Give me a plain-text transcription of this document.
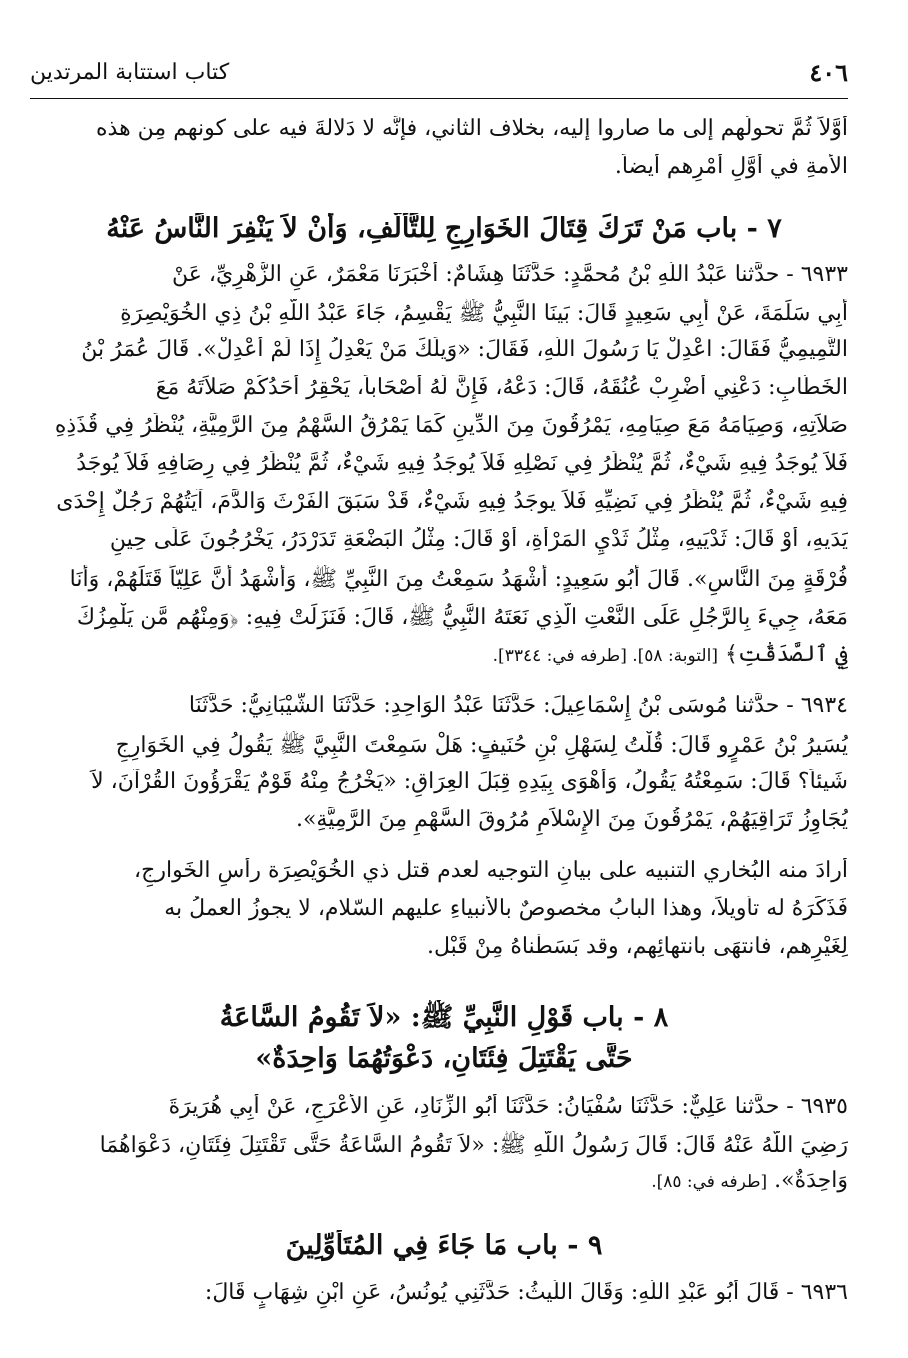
٤٠٦
كتاب استتابة المرتدين
أوَّلاً ثُمَّ تحولُهم إلى ما صاروا إليه، بخلاف الثاني، فإنَّه لا دَلالةَ فيه على كونهم مِن هذه
الأمةِ في أوَّلِ أمْرِهم أيضاً.
٧ - باب مَنْ تَرَكَ قِتَالَ الخَوَارِجِ لِلتَّأَلُّفِ، وَأَنْ لاَ يَنْفِرَ النَّاسُ عَنْهُ
٦٩٣٣ - حدَّثنا عَبْدُ اللَّهِ بْنُ مُحمَّدٍ: حَدَّثَنَا هِشَامٌ: أَخْبَرَنَا مَعْمَرٌ، عَنِ الزُّهْرِيِّ، عَنْ
أَبِي سَلَمَةَ، عَنْ أَبِي سَعِيدٍ قَالَ: بَينَا النَّبِيُّ ﷺ يَقْسِمُ، جَاءَ عَبْدُ اللَّهِ بْنُ ذِي الخُوَيْصِرَةِ
التَّمِيمِيُّ فَقَالَ: اعْدِلْ يَا رَسُولَ اللَّهِ، فَقَالَ: «وَيلَكَ مَنْ يَعْدِلُ إِذَا لَمْ أَعْدِلْ». قَالَ عُمَرُ بْنُ
الخَطَّابِ: دَعْنِي أَضْرِبْ عُنُقَهُ، قَالَ: دَعْهُ، فَإِنَّ لَهُ أَصْحَاباً، يَحْقِرُ أَحَدُكُمْ صَلاَتَهُ مَعَ
صَلاَتِهِ، وَصِيَامَهُ مَعَ صِيَامِهِ، يَمْرُقُونَ مِنَ الدِّينِ كَمَا يَمْرُقُ السَّهْمُ مِنَ الرَّمِيَّةِ، يُنْظَرُ فِي قُذَذِهِ
فَلاَ يُوجَدُ فِيهِ شَيْءٌ، ثُمَّ يُنْظَرُ فِي نَصْلِهِ فَلاَ يُوجَدُ فِيهِ شَيْءٌ، ثُمَّ يُنْظَرُ فِي رِصَافِهِ فَلاَ يُوجَدُ
فِيهِ شَيْءٌ، ثُمَّ يُنْظَرُ فِي نَضِيِّهِ فَلاَ يوجَدُ فِيهِ شَيْءٌ، قَدْ سَبَقَ الفَرْثَ وَالدَّمَ، آيَتُهُمْ رَجُلٌ إِحْدَى
يَدَيهِ، أَوْ قَالَ: ثَدْيَيهِ، مِثْلُ ثَدْيِ المَرْأَةِ، أَوْ قَالَ: مِثْلُ البَضْعَةِ تَدَرْدَرُ، يَخْرُجُونَ عَلَى حِينِ
فُرْقَةٍ مِنَ النَّاسِ». قَالَ أَبُو سَعِيدٍ: أَشْهَدُ سَمِعْتُ مِنَ النَّبِيِّ ﷺ، وَأَشْهَدُ أَنَّ عَلِيّاً قَتَلَهُمْ، وَأَنَا
مَعَهُ، جِيءَ بِالرَّجُلِ عَلَى النَّعْتِ الَّذِي نَعَتَهُ النَّبِيُّ ﷺ، قَالَ: فَنَزَلَتْ فِيهِ: ﴿وَمِنْهُم مَّن يَلْمِزُكَ
فِي ٱلصَّدَقَٰتِ﴾ [التوبة: ٥٨]. [طرفه في: ٣٣٤٤].
٦٩٣٤ - حدَّثنا مُوسَى بْنُ إِسْمَاعِيلَ: حَدَّثَنَا عَبْدُ الوَاحِدِ: حَدَّثَنَا الشَّيْبَانِيُّ: حَدَّثَنَا
يُسَيرُ بْنُ عَمْرٍو قَالَ: قُلْتُ لِسَهْلِ بْنِ حُنَيفٍ: هَلْ سَمِعْتَ النَّبِيَّ ﷺ يَقُولُ فِي الخَوَارِجِ
شَيئاً؟ قَالَ: سَمِعْتُهُ يَقُولُ، وَأَهْوَى بِيَدِهِ قِبَلَ العِرَاقِ: «يَخْرُجُ مِنْهُ قَوْمٌ يَقْرَؤُونَ القُرْآنَ، لاَ
يُجَاوِزُ تَرَاقِيَهُمْ، يَمْرُقُونَ مِنَ الإِسْلاَمِ مُرُوقَ السَّهْمِ مِنَ الرَّمِيَّةِ».
أَرادَ منه البُخاري التنبيه على بيانِ التوجيه لعدم قتل ذي الخُوَيْصِرَة رأسِ الخَوارجِ،
فَذَكَرَهُ له تأويلاً، وهذا البابُ مخصوصٌ بالأنبياءِ عليهم السّلام، لا يجوزُ العملُ به
لِغَيْرِهم، فانتهَى بانتهائِهم، وقد بَسَطْناهُ مِنْ قَبْل.
٨ - باب قَوْلِ النَّبِيِّ ﷺ: «لاَ تَقُومُ السَّاعَةُ
حَتَّى يَقْتَتِلَ فِئَتَانِ، دَعْوَتُهُمَا وَاحِدَةٌ»
٦٩٣٥ - حدَّثنا عَلِيٌّ: حَدَّثَنَا سُفْيَانُ: حَدَّثَنَا أَبُو الزِّنَادِ، عَنِ الأَعْرَجِ، عَنْ أَبِي هُرَيرَةَ
رَضِيَ اللَّهُ عَنْهُ قَالَ: قَالَ رَسُولُ اللَّهِ ﷺ: «لاَ تَقُومُ السَّاعَةُ حَتَّى تَقْتَتِلَ فِئَتَانِ، دَعْوَاهُمَا
وَاحِدَةٌ». [طرفه في: ٨٥].
٩ - باب مَا جَاءَ فِي المُتَأَوِّلِينَ
٦٩٣٦ - قَالَ أَبُو عَبْدِ اللَّهِ: وَقَالَ اللَّيثُ: حَدَّثَنِي يُونُسُ، عَنِ ابْنِ شِهَابٍ قَالَ:
